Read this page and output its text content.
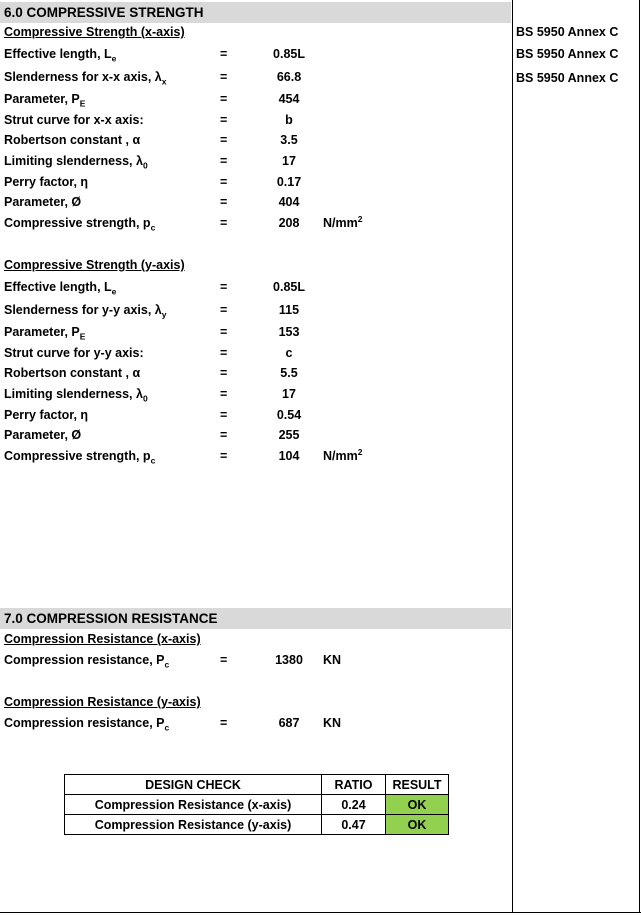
6.0 COMPRESSIVE STRENGTH
Compressive Strength (x-axis)
Effective length, $L_e$	=	0.85L
Slenderness for x-x axis, $\lambda_x$	=	66.8
Parameter, $P_E$	=	454
Strut curve for x-x axis:	=	b
Robertson constant , α	=	3.5
Limiting slenderness, $\lambda_0$	=	17
Perry factor, η	=	0.17
Parameter, Ø	=	404
Compressive strength, $p_c$	=	208	$N/mm^2$
Compressive Strength (y-axis)
Effective length, $L_e$	=	0.85L
Slenderness for y-y axis, $\lambda_y$	=	115
Parameter, $P_E$	=	153
Strut curve for y-y axis:	=	c
Robertson constant , α	=	5.5
Limiting slenderness, $\lambda_0$	=	17
Perry factor, η	=	0.54
Parameter, Ø	=	255
Compressive strength, $p_c$	=	104	$N/mm^2$
BS 5950 Annex C
BS 5950 Annex C
BS 5950 Annex C
7.0 COMPRESSION RESISTANCE
Compression Resistance (x-axis)
Compression resistance, $P_c$	=	1380	KN
Compression Resistance (y-axis)
Compression resistance, $P_c$	=	687	KN
DESIGN CHECK	RATIO	RESULT
Compression Resistance (x-axis)	0.24	OK
Compression Resistance (y-axis)	0.47	OK
